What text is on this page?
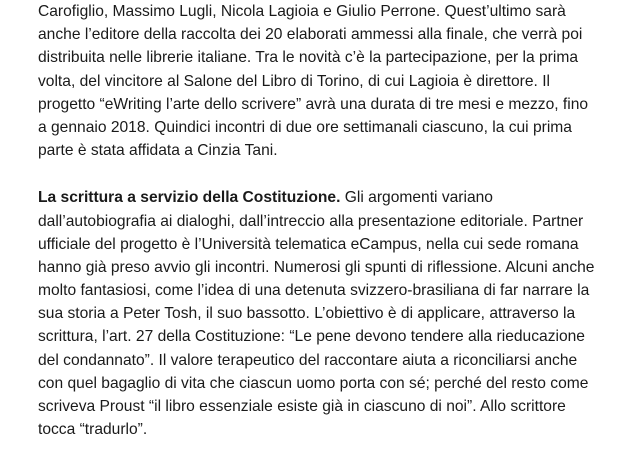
Carofiglio, Massimo Lugli, Nicola Lagioia e Giulio Perrone. Quest’ultimo sarà
anche l’editore della raccolta dei 20 elaborati ammessi alla finale, che verrà poi
distribuita nelle librerie italiane. Tra le novità c’è la partecipazione, per la prima
volta, del vincitore al Salone del Libro di Torino, di cui Lagioia è direttore. Il
progetto “eWriting l’arte dello scrivere” avrà una durata di tre mesi e mezzo, fino
a gennaio 2018. Quindici incontri di due ore settimanali ciascuno, la cui prima
parte è stata affidata a Cinzia Tani.
La scrittura a servizio della Costituzione. Gli argomenti variano
dall’autobiografia ai dialoghi, dall’intreccio alla presentazione editoriale. Partner
ufficiale del progetto è l’Università telematica eCampus, nella cui sede romana
hanno già preso avvio gli incontri. Numerosi gli spunti di riflessione. Alcuni anche
molto fantasiosi, come l’idea di una detenuta svizzero-brasiliana di far narrare la
sua storia a Peter Tosh, il suo bassotto. L’obiettivo è di applicare, attraverso la
scrittura, l’art. 27 della Costituzione: “Le pene devono tendere alla rieducazione
del condannato”. Il valore terapeutico del raccontare aiuta a riconciliarsi anche
con quel bagaglio di vita che ciascun uomo porta con sé; perché del resto come
scriveva Proust “il libro essenziale esiste già in ciascuno di noi”. Allo scrittore
tocca “tradurlo”.
